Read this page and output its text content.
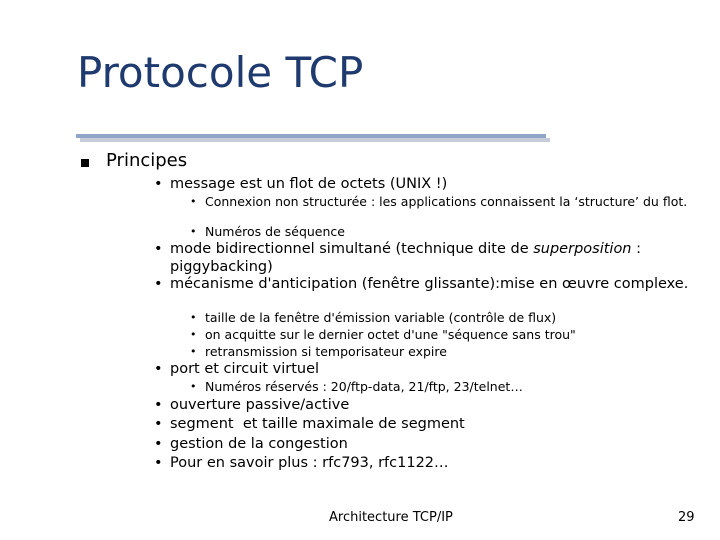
Protocole TCP
Principes
• message est un flot de octets (UNIX !)
• Connexion non structurée : les applications connaissent la ‘structure’ du flot.
• Numéros de séquence
• mode bidirectionnel simultané (technique dite de superposition : piggybacking)
• mécanisme d'anticipation (fenêtre glissante):mise en œuvre complexe.
• taille de la fenêtre d'émission variable (contrôle de flux)
• on acquitte sur le dernier octet d'une "séquence sans trou"
• retransmission si temporisateur expire
• port et circuit virtuel
• Numéros réservés : 20/ftp-data, 21/ftp, 23/telnet…
• ouverture passive/active
• segment  et taille maximale de segment
• gestion de la congestion
• Pour en savoir plus : rfc793, rfc1122…
Architecture TCP/IP	29
